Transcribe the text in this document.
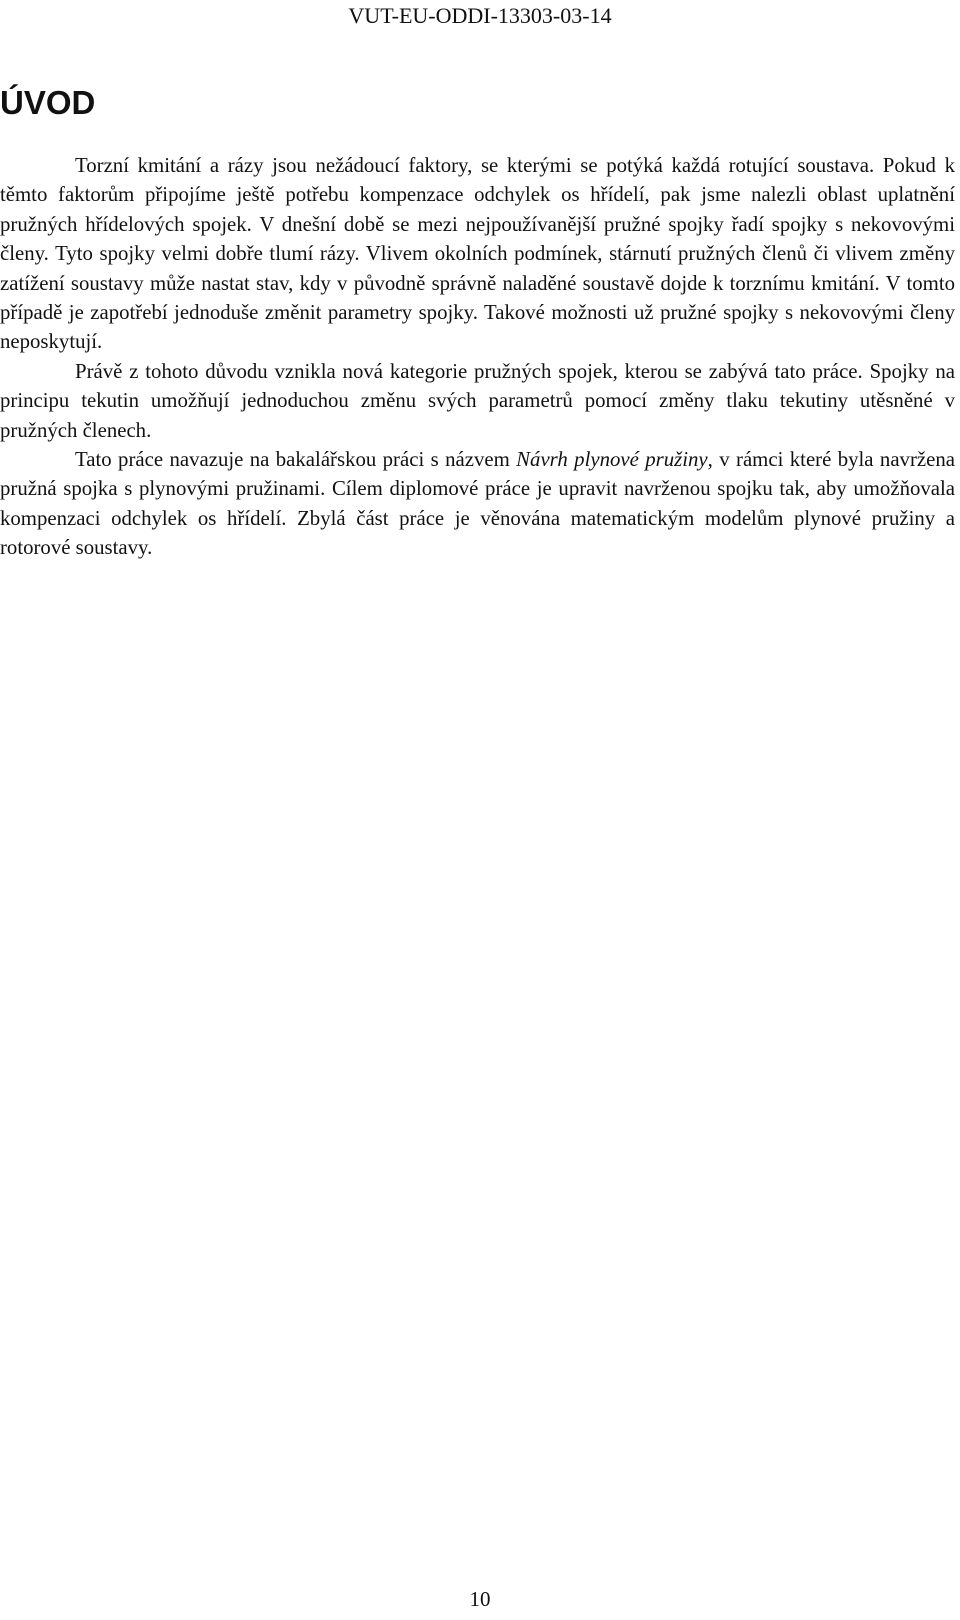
VUT-EU-ODDI-13303-03-14
ÚVOD

Torzní kmitání a rázy jsou nežádoucí faktory, se kterými se potýká každá rotující soustava. Pokud k těmto faktorům připojíme ještě potřebu kompenzace odchylek os hřídelí, pak jsme nalezli oblast uplatnění pružných hřídelových spojek. V dnešní době se mezi nejpoužívanější pružné spojky řadí spojky s nekovovými členy. Tyto spojky velmi dobře tlumí rázy. Vlivem okolních podmínek, stárnutí pružných členů či vlivem změny zatížení soustavy může nastat stav, kdy v původně správně naladěné soustavě dojde k torznímu kmitání. V tomto případě je zapotřebí jednoduše změnit parametry spojky. Takové možnosti už pružné spojky s nekovovými členy neposkytují.

Právě z tohoto důvodu vznikla nová kategorie pružných spojek, kterou se zabývá tato práce. Spojky na principu tekutin umožňují jednoduchou změnu svých parametrů pomocí změny tlaku tekutiny utěsněné v pružných členech.

Tato práce navazuje na bakalářskou práci s názvem Návrh plynové pružiny, v rámci které byla navržena pružná spojka s plynovými pružinami. Cílem diplomové práce je upravit navrženou spojku tak, aby umožňovala kompenzaci odchylek os hřídelí. Zbylá část práce je věnována matematickým modelům plynové pružiny a rotorové soustavy.

10
